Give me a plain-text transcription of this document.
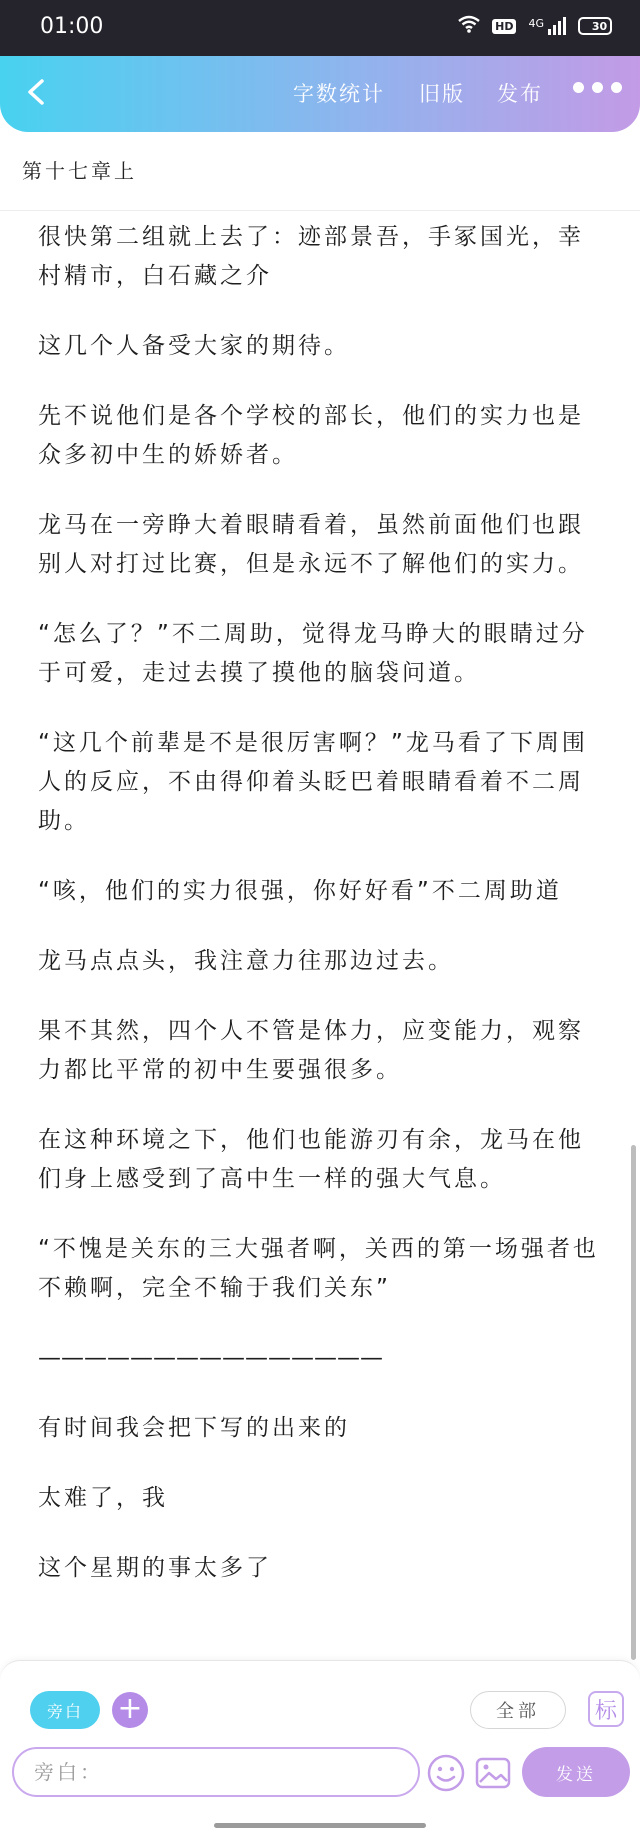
01:00	HD 4G	30
字数统计 旧版 发布
第十七章上

很快第二组就上去了：迹部景吾，手冢国光，幸村精市，白石藏之介

这几个人备受大家的期待。

先不说他们是各个学校的部长，他们的实力也是众多初中生的娇娇者。

龙马在一旁睁大着眼睛看着，虽然前面他们也跟别人对打过比赛，但是永远不了解他们的实力。

“怎么了？”不二周助，觉得龙马睁大的眼睛过分于可爱，走过去摸了摸他的脑袋问道。

“这几个前辈是不是很厉害啊？”龙马看了下周围人的反应，不由得仰着头眨巴着眼睛看着不二周助。

“咳，他们的实力很强，你好好看”不二周助道

龙马点点头，我注意力往那边过去。

果不其然，四个人不管是体力，应变能力，观察力都比平常的初中生要强很多。

在这种环境之下，他们也能游刃有余，龙马在他们身上感受到了高中生一样的强大气息。

“不愧是关东的三大强者啊，关西的第一场强者也不赖啊，完全不输于我们关东”

———————————————

有时间我会把下写的出来的

太难了，我

这个星期的事太多了

旁白	+	全部	标
旁白：
发送
